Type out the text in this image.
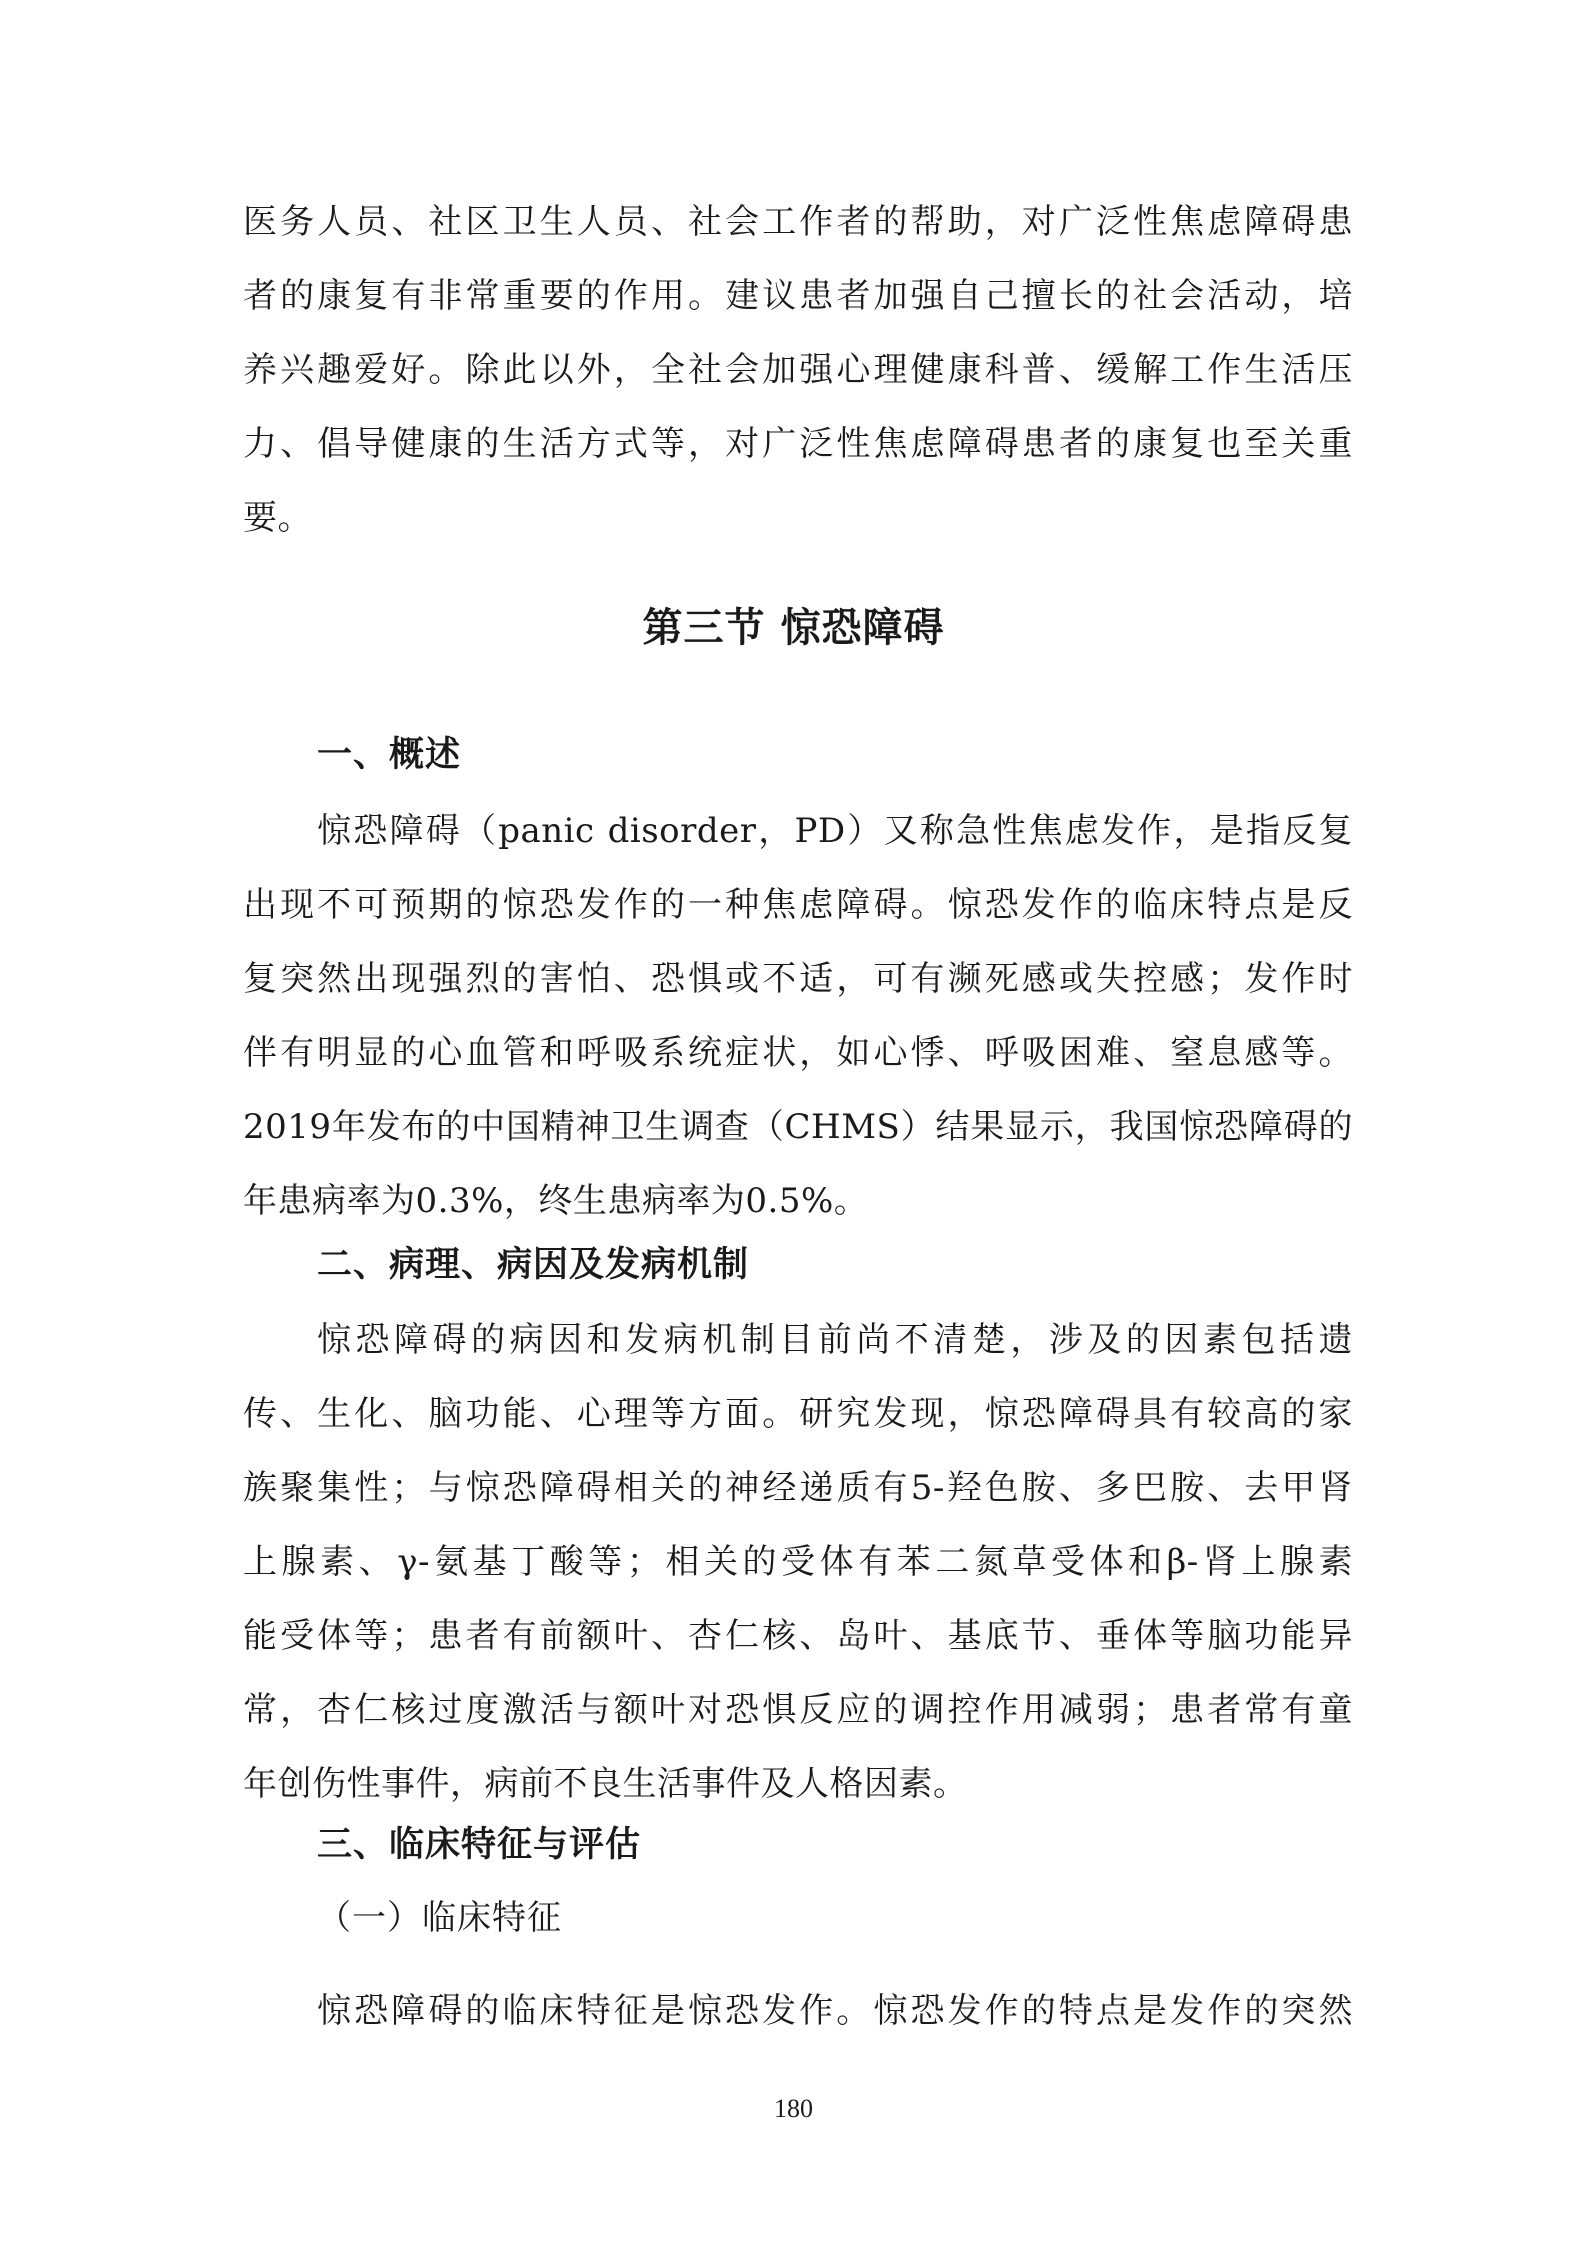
医务人员、社区卫生人员、社会工作者的帮助，对广泛性焦虑障碍患
者的康复有非常重要的作用。建议患者加强自己擅长的社会活动，培
养兴趣爱好。除此以外，全社会加强心理健康科普、缓解工作生活压
力、倡导健康的生活方式等，对广泛性焦虑障碍患者的康复也至关重
要。
第三节 惊恐障碍
一、概述
惊恐障碍（panic disorder，PD）又称急性焦虑发作，是指反复
出现不可预期的惊恐发作的一种焦虑障碍。惊恐发作的临床特点是反
复突然出现强烈的害怕、恐惧或不适，可有濒死感或失控感；发作时
伴有明显的心血管和呼吸系统症状，如心悸、呼吸困难、窒息感等。
2019年发布的中国精神卫生调查（CHMS）结果显示，我国惊恐障碍的
年患病率为0.3%，终生患病率为0.5%。
二、病理、病因及发病机制
惊恐障碍的病因和发病机制目前尚不清楚，涉及的因素包括遗
传、生化、脑功能、心理等方面。研究发现，惊恐障碍具有较高的家
族聚集性；与惊恐障碍相关的神经递质有5-羟色胺、多巴胺、去甲肾
上腺素、γ-氨基丁酸等；相关的受体有苯二氮草受体和β-肾上腺素
能受体等；患者有前额叶、杏仁核、岛叶、基底节、垂体等脑功能异
常，杏仁核过度激活与额叶对恐惧反应的调控作用减弱；患者常有童
年创伤性事件，病前不良生活事件及人格因素。
三、临床特征与评估
（一）临床特征
惊恐障碍的临床特征是惊恐发作。惊恐发作的特点是发作的突然
180
